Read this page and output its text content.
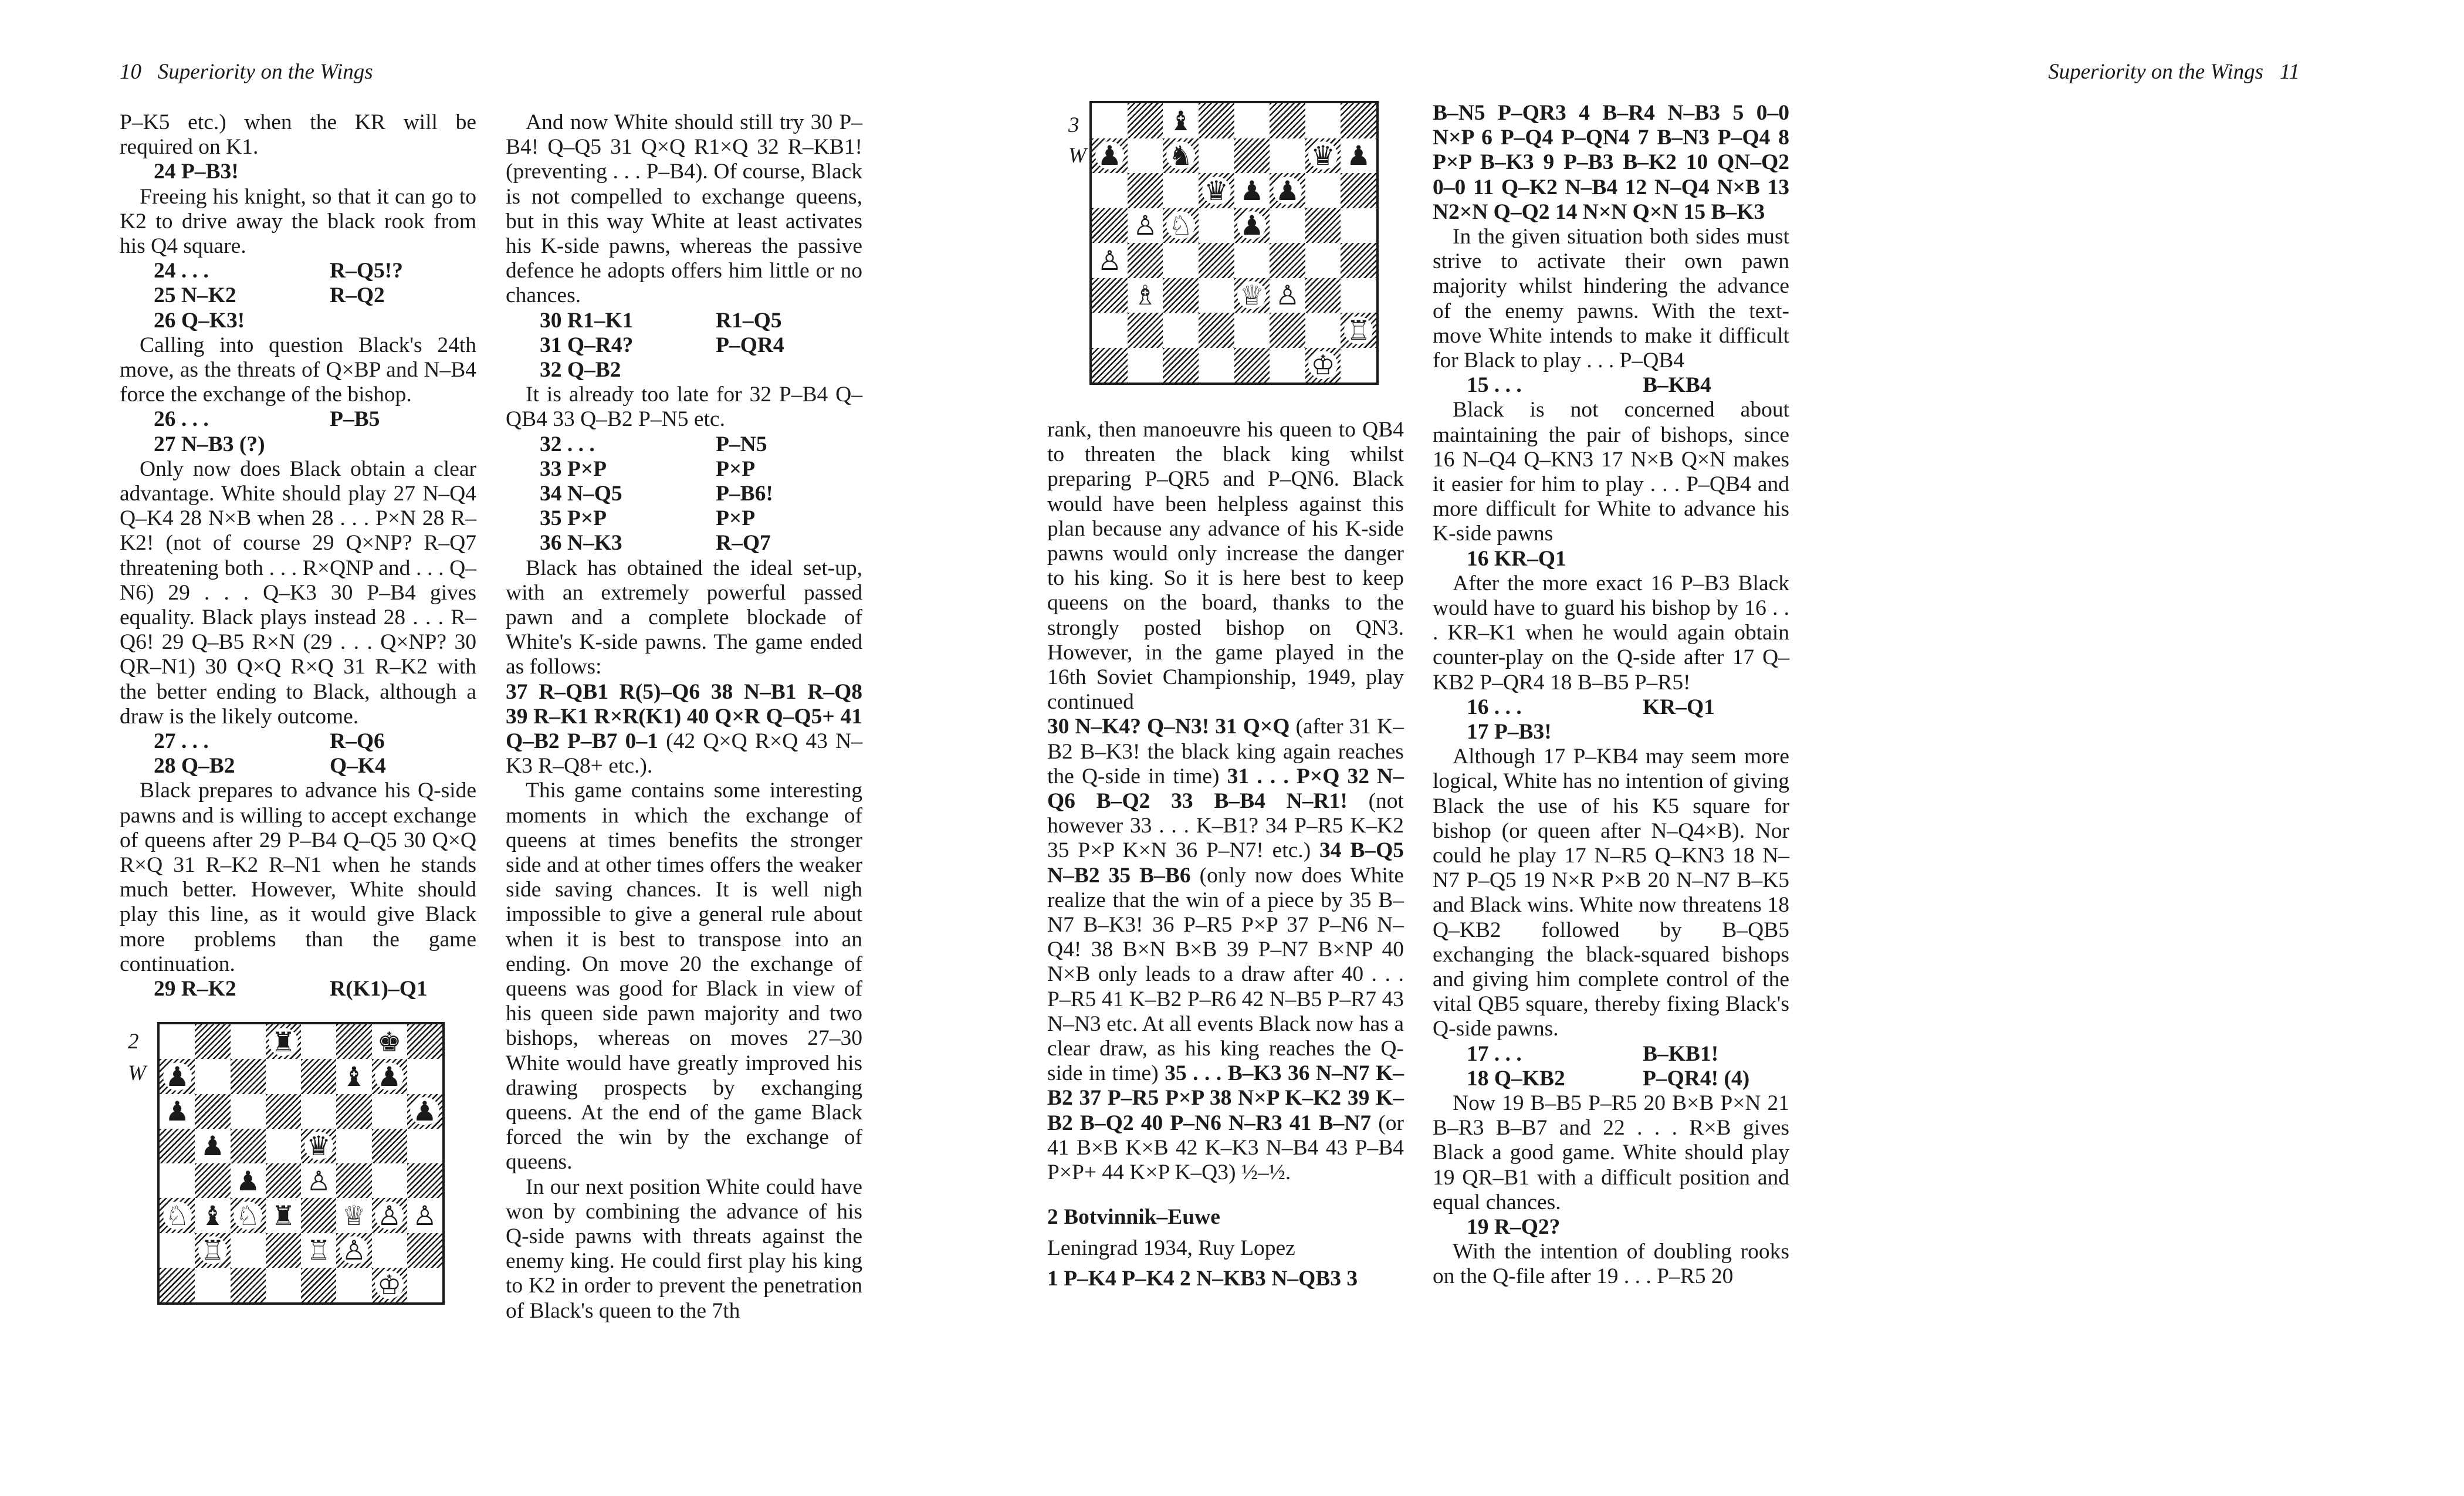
10 Superiority on the Wings

P–K5 etc.) when the KR will be required on K1.

24 P–B3!

Freeing his knight, so that it can go to K2 to drive away the black rook from his Q4 square.

24 . . .	R–Q5!?
25 N–K2	R–Q2
26 Q–K3!

Calling into question Black's 24th move, as the threats of Q×BP and N–B4 force the exchange of the bishop.

26 . . .	P–B5
27 N–B3 (?)

Only now does Black obtain a clear advantage. White should play 27 N–Q4 Q–K4 28 N×B when 28 . . . P×N 28 R–K2! (not of course 29 Q×NP? R–Q7 threatening both . . . R×QNP and . . . Q–N6) 29 . . . Q–K3 30 P–B4 gives equality. Black plays instead 28 . . . R–Q6! 29 Q–B5 R×N (29 . . . Q×NP? 30 QR–N1) 30 Q×Q R×Q 31 R–K2 with the better ending to Black, although a draw is the likely outcome.

27 . . .	R–Q6
28 Q–B2	Q–K4

Black prepares to advance his Q-side pawns and is willing to accept exchange of queens after 29 P–B4 Q–Q5 30 Q×Q R×Q 31 R–K2 R–N1 when he stands much better. However, White should play this line, as it would give Black more problems than the game continuation.

29 R–K2	R(K1)–Q1
2
W
♜	♚
♟	♝ ♟
♟	♟
♟	♛
♟ ♙
♘ ♝ ♘ ♜ ♕ ♙ ♙
♖	♖ ♙
♔

And now White should still try 30 P–B4! Q–Q5 31 Q×Q R1×Q 32 R–KB1! (preventing . . . P–B4). Of course, Black is not compelled to exchange queens, but in this way White at least activates his K-side pawns, whereas the passive defence he adopts offers him little or no chances.

30 R1–K1	R1–Q5
31 Q–R4?	P–QR4
32 Q–B2

It is already too late for 32 P–B4 Q–QB4 33 Q–B2 P–N5 etc.

32 . . .	P–N5
33 P×P	P×P
34 N–Q5	P–B6!
35 P×P	P×P
36 N–K3	R–Q7

Black has obtained the ideal set-up, with an extremely powerful passed pawn and a complete blockade of White's K-side pawns. The game ended as follows:

37 R–QB1 R(5)–Q6 38 N–B1 R–Q8 39 R–K1 R×R(K1) 40 Q×R Q–Q5+ 41 Q–B2 P–B7 0–1 (42 Q×Q R×Q 43 N–K3 R–Q8+ etc.).

This game contains some interesting moments in which the exchange of queens at times benefits the stronger side and at other times offers the weaker side saving chances. It is well nigh impossible to give a general rule about when it is best to transpose into an ending. On move 20 the exchange of queens was good for Black in view of his queen side pawn majority and two bishops, whereas on moves 27–30 White would have greatly improved his drawing prospects by exchanging queens. At the end of the game Black forced the win by the exchange of queens.

In our next position White could have won by combining the advance of his Q-side pawns with threats against the enemy king. He could first play his king to K2 in order to prevent the penetration of Black's queen to the 7th

Superiority on the Wings 11
3
W
♝
♟ ♞	♛ ♟
♛ ♟ ♟
♙ ♘ ♟
♙
♗	♕ ♙
♖
♔

rank, then manoeuvre his queen to QB4 to threaten the black king whilst preparing P–QR5 and P–QN6. Black would have been helpless against this plan because any advance of his K-side pawns would only increase the danger to his king. So it is here best to keep queens on the board, thanks to the strongly posted bishop on QN3. However, in the game played in the 16th Soviet Championship, 1949, play continued

30 N–K4? Q–N3! 31 Q×Q (after 31 K–B2 B–K3! the black king again reaches the Q-side in time) 31 . . . P×Q 32 N–Q6 B–Q2 33 B–B4 N–R1! (not however 33 . . . K–B1? 34 P–R5 K–K2 35 P×P K×N 36 P–N7! etc.) 34 B–Q5 N–B2 35 B–B6 (only now does White realize that the win of a piece by 35 B–N7 B–K3! 36 P–R5 P×P 37 P–N6 N–Q4! 38 B×N B×B 39 P–N7 B×NP 40 N×B only leads to a draw after 40 . . . P–R5 41 K–B2 P–R6 42 N–B5 P–R7 43 N–N3 etc. At all events Black now has a clear draw, as his king reaches the Q-side in time) 35 . . . B–K3 36 N–N7 K–B2 37 P–R5 P×P 38 N×P K–K2 39 K–B2 B–Q2 40 P–N6 N–R3 41 B–N7 (or 41 B×B K×B 42 K–K3 N–B4 43 P–B4 P×P+ 44 K×P K–Q3) ½–½.

2 Botvinnik–Euwe

Leningrad 1934, Ruy Lopez

1 P–K4 P–K4 2 N–KB3 N–QB3 3

B–N5 P–QR3 4 B–R4 N–B3 5 0–0 N×P 6 P–Q4 P–QN4 7 B–N3 P–Q4 8 P×P B–K3 9 P–B3 B–K2 10 QN–Q2 0–0 11 Q–K2 N–B4 12 N–Q4 N×B 13 N2×N Q–Q2 14 N×N Q×N 15 B–K3

In the given situation both sides must strive to activate their own pawn majority whilst hindering the advance of the enemy pawns. With the text-move White intends to make it difficult for Black to play . . . P–QB4

15 . . .	B–KB4

Black is not concerned about maintaining the pair of bishops, since 16 N–Q4 Q–KN3 17 N×B Q×N makes it easier for him to play . . . P–QB4 and more difficult for White to advance his K-side pawns

16 KR–Q1

After the more exact 16 P–B3 Black would have to guard his bishop by 16 . . . KR–K1 when he would again obtain counter-play on the Q-side after 17 Q–KB2 P–QR4 18 B–B5 P–R5!

16 . . .	KR–Q1
17 P–B3!

Although 17 P–KB4 may seem more logical, White has no intention of giving Black the use of his K5 square for bishop (or queen after N–Q4×B). Nor could he play 17 N–R5 Q–KN3 18 N–N7 P–Q5 19 N×R P×B 20 N–N7 B–K5 and Black wins. White now threatens 18 Q–KB2 followed by B–QB5 exchanging the black-squared bishops and giving him complete control of the vital QB5 square, thereby fixing Black's Q-side pawns.

17 . . .	B–KB1!
18 Q–KB2	P–QR4! (4)

Now 19 B–B5 P–R5 20 B×B P×N 21 B–R3 B–B7 and 22 . . . R×B gives Black a good game. White should play 19 QR–B1 with a difficult position and equal chances.

19 R–Q2?

With the intention of doubling rooks on the Q-file after 19 . . . P–R5 20
